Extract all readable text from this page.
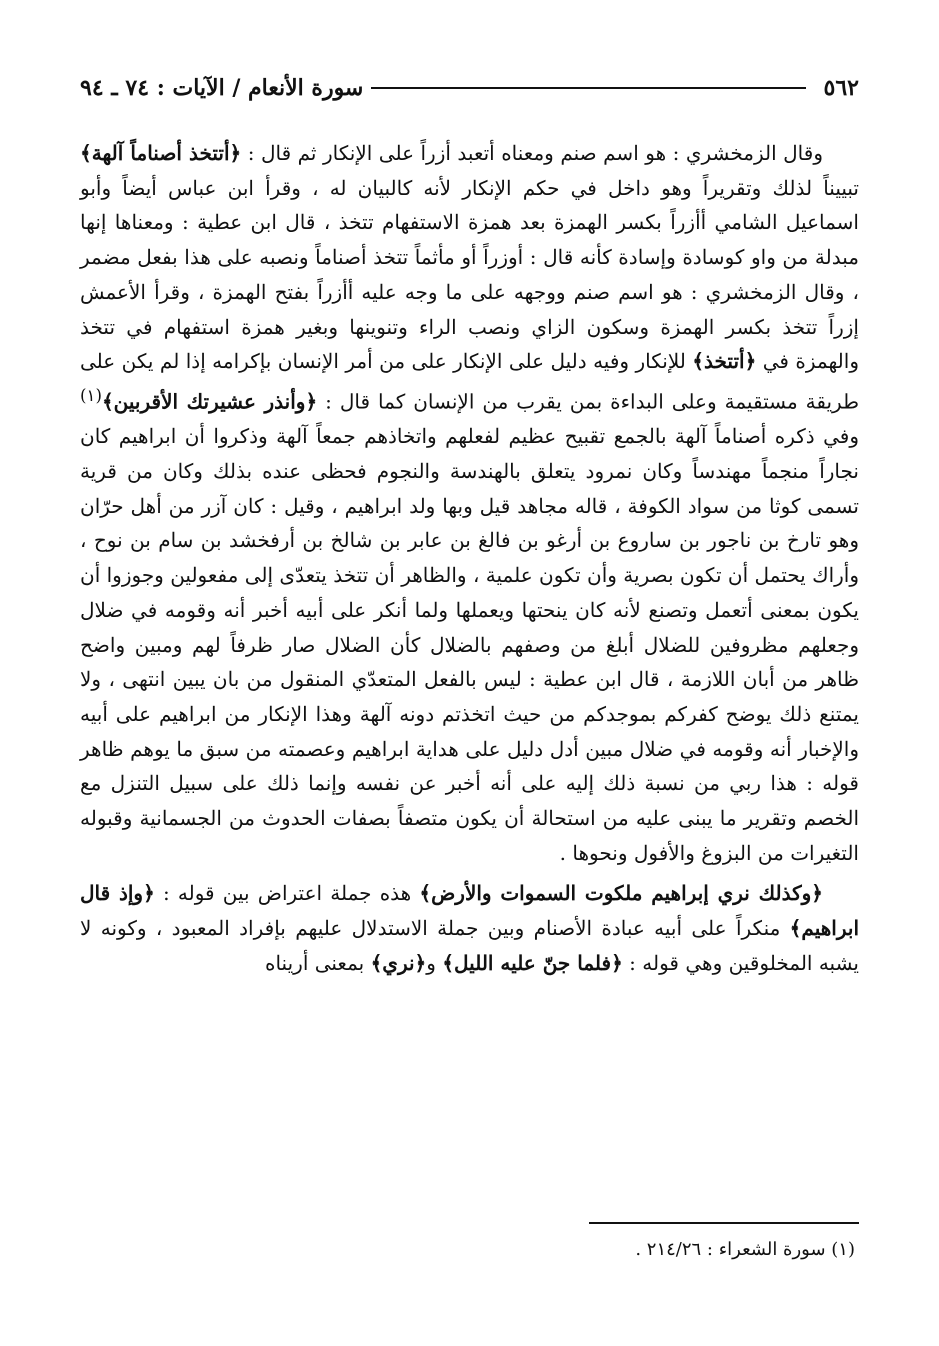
٥٦٢
سورة الأنعام / الآيات : ٧٤ ـ ٩٤

وقال الزمخشري : هو اسم صنم ومعناه أتعبد أزراً على الإنكار ثم قال : ﴿أتتخذ أصناماً آلهة﴾ تبييناً لذلك وتقريراً وهو داخل في حكم الإنكار لأنه كالبيان له ، وقرأ ابن عباس أيضاً وأبو اسماعيل الشامي أأزراً بكسر الهمزة بعد همزة الاستفهام تتخذ ، قال ابن عطية : ومعناها إنها مبدلة من واو كوسادة وإسادة كأنه قال : أوزراً أو مأثماً تتخذ أصناماً ونصبه على هذا بفعل مضمر ، وقال الزمخشري : هو اسم صنم ووجهه على ما وجه عليه أأزراً بفتح الهمزة ، وقرأ الأعمش إزراً تتخذ بكسر الهمزة وسكون الزاي ونصب الراء وتنوينها وبغير همزة استفهام في تتخذ والهمزة في ﴿أتتخذ﴾ للإنكار وفيه دليل على الإنكار على من أمر الإنسان بإكرامه إذا لم يكن على طريقة مستقيمة وعلى البداءة بمن يقرب من الإنسان كما قال : ﴿وأنذر عشيرتك الأقربين﴾$^{(١)}$ وفي ذكره أصناماً آلهة بالجمع تقبيح عظيم لفعلهم واتخاذهم جمعاً آلهة وذكروا أن ابراهيم كان نجاراً منجماً مهندساً وكان نمرود يتعلق بالهندسة والنجوم فحظى عنده بذلك وكان من قرية تسمى كوثا من سواد الكوفة ، قاله مجاهد قيل وبها ولد ابراهيم ، وقيل : كان آزر من أهل حرّان وهو تارخ بن ناجور بن ساروع بن أرغو بن فالغ بن عابر بن شالخ بن أرفخشد بن سام بن نوح ، وأراك يحتمل أن تكون بصرية وأن تكون علمية ، والظاهر أن تتخذ يتعدّى إلى مفعولين وجوزوا أن يكون بمعنى أتعمل وتصنع لأنه كان ينحتها ويعملها ولما أنكر على أبيه أخبر أنه وقومه في ضلال وجعلهم مظروفين للضلال أبلغ من وصفهم بالضلال كأن الضلال صار ظرفاً لهم ومبين واضح ظاهر من أبان اللازمة ، قال ابن عطية : ليس بالفعل المتعدّي المنقول من بان يبين انتهى ، ولا يمتنع ذلك يوضح كفركم بموجدكم من حيث اتخذتم دونه آلهة وهذا الإنكار من ابراهيم على أبيه والإخبار أنه وقومه في ضلال مبين أدل دليل على هداية ابراهيم وعصمته من سبق ما يوهم ظاهر قوله : هذا ربي من نسبة ذلك إليه على أنه أخبر عن نفسه وإنما ذلك على سبيل التنزل مع الخصم وتقرير ما يبنى عليه من استحالة أن يكون متصفاً بصفات الحدوث من الجسمانية وقبوله التغيرات من البزوغ والأفول ونحوها .

﴿وكذلك نري إبراهيم ملكوت السموات والأرض﴾ هذه جملة اعتراض بين قوله : ﴿وإذ قال ابراهيم﴾ منكراً على أبيه عبادة الأصنام وبين جملة الاستدلال عليهم بإفراد المعبود ، وكونه لا يشبه المخلوقين وهي قوله : ﴿فلما جنّ عليه الليل﴾ و﴿نري﴾ بمعنى أريناه

(١) سورة الشعراء : ٢١٤/٢٦ .
